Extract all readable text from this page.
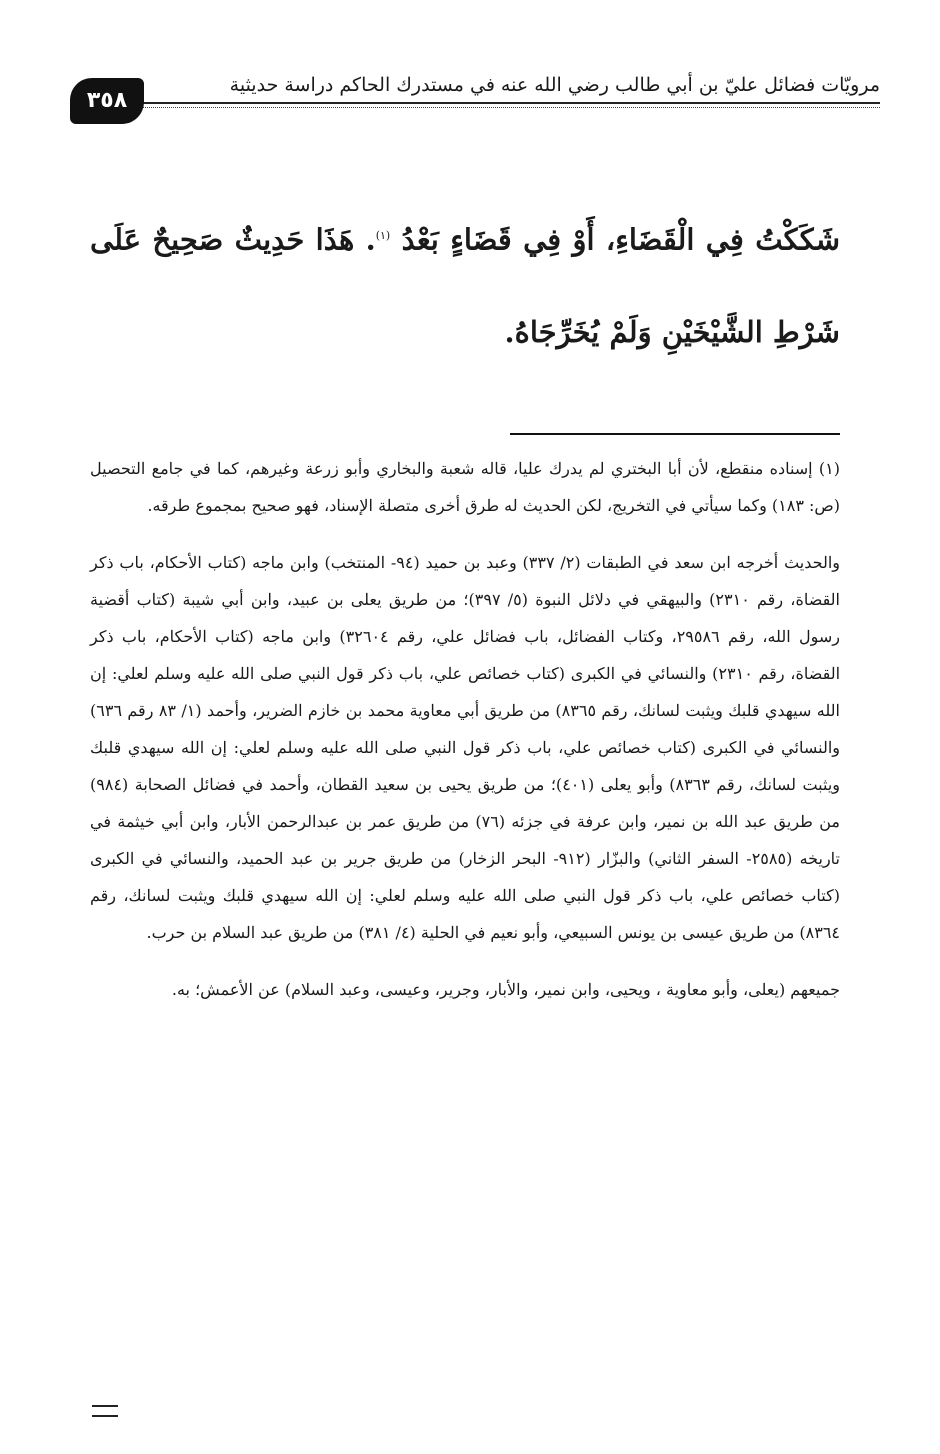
مرويّات فضائل عليّ بن أبي طالب رضي الله عنه في مستدرك الحاكم دراسة حديثية
٣٥٨
شَكَكْتُ فِي الْقَضَاءِ، أَوْ فِي قَضَاءٍ بَعْدُ $^{(١)}$. هَذَا حَدِيثٌ صَحِيحٌ عَلَى شَرْطِ الشَّيْخَيْنِ وَلَمْ يُخَرِّجَاهُ.

(١) إسناده منقطع، لأن أبا البختري لم يدرك عليا، قاله شعبة والبخاري وأبو زرعة وغيرهم، كما في جامع التحصيل (ص: ١٨٣) وكما سيأتي في التخريج، لكن الحديث له طرق أخرى متصلة الإسناد، فهو صحيح بمجموع طرقه.

والحديث أخرجه ابن سعد في الطبقات (٢/ ٣٣٧) وعبد بن حميد (٩٤- المنتخب) وابن ماجه (كتاب الأحكام، باب ذكر القضاة، رقم ٢٣١٠) والبيهقي في دلائل النبوة (٥/ ٣٩٧)؛ من طريق يعلى بن عبيد، وابن أبي شيبة (كتاب أقضية رسول الله، رقم ٢٩٥٨٦، وكتاب الفضائل، باب فضائل علي، رقم ٣٢٦٠٤) وابن ماجه (كتاب الأحكام، باب ذكر القضاة، رقم ٢٣١٠) والنسائي في الكبرى (كتاب خصائص علي، باب ذكر قول النبي صلى الله عليه وسلم لعلي: إن الله سيهدي قلبك ويثبت لسانك، رقم ٨٣٦٥) من طريق أبي معاوية محمد بن خازم الضرير، وأحمد (١/ ٨٣ رقم ٦٣٦) والنسائي في الكبرى (كتاب خصائص علي، باب ذكر قول النبي صلى الله عليه وسلم لعلي: إن الله سيهدي قلبك ويثبت لسانك، رقم ٨٣٦٣) وأبو يعلى (٤٠١)؛ من طريق يحيى بن سعيد القطان، وأحمد في فضائل الصحابة (٩٨٤) من طريق عبد الله بن نمير، وابن عرفة في جزئه (٧٦) من طريق عمر بن عبدالرحمن الأبار، وابن أبي خيثمة في تاريخه (٢٥٨٥- السفر الثاني) والبزّار (٩١٢- البحر الزخار) من طريق جرير بن عبد الحميد، والنسائي في الكبرى (كتاب خصائص علي، باب ذكر قول النبي صلى الله عليه وسلم لعلي: إن الله سيهدي قلبك ويثبت لسانك، رقم ٨٣٦٤) من طريق عيسى بن يونس السبيعي، وأبو نعيم في الحلية (٤/ ٣٨١) من طريق عبد السلام بن حرب.

جميعهم (يعلى، وأبو معاوية ، ويحيى، وابن نمير، والأبار، وجرير، وعيسى، وعبد السلام) عن الأعمش؛ به.
